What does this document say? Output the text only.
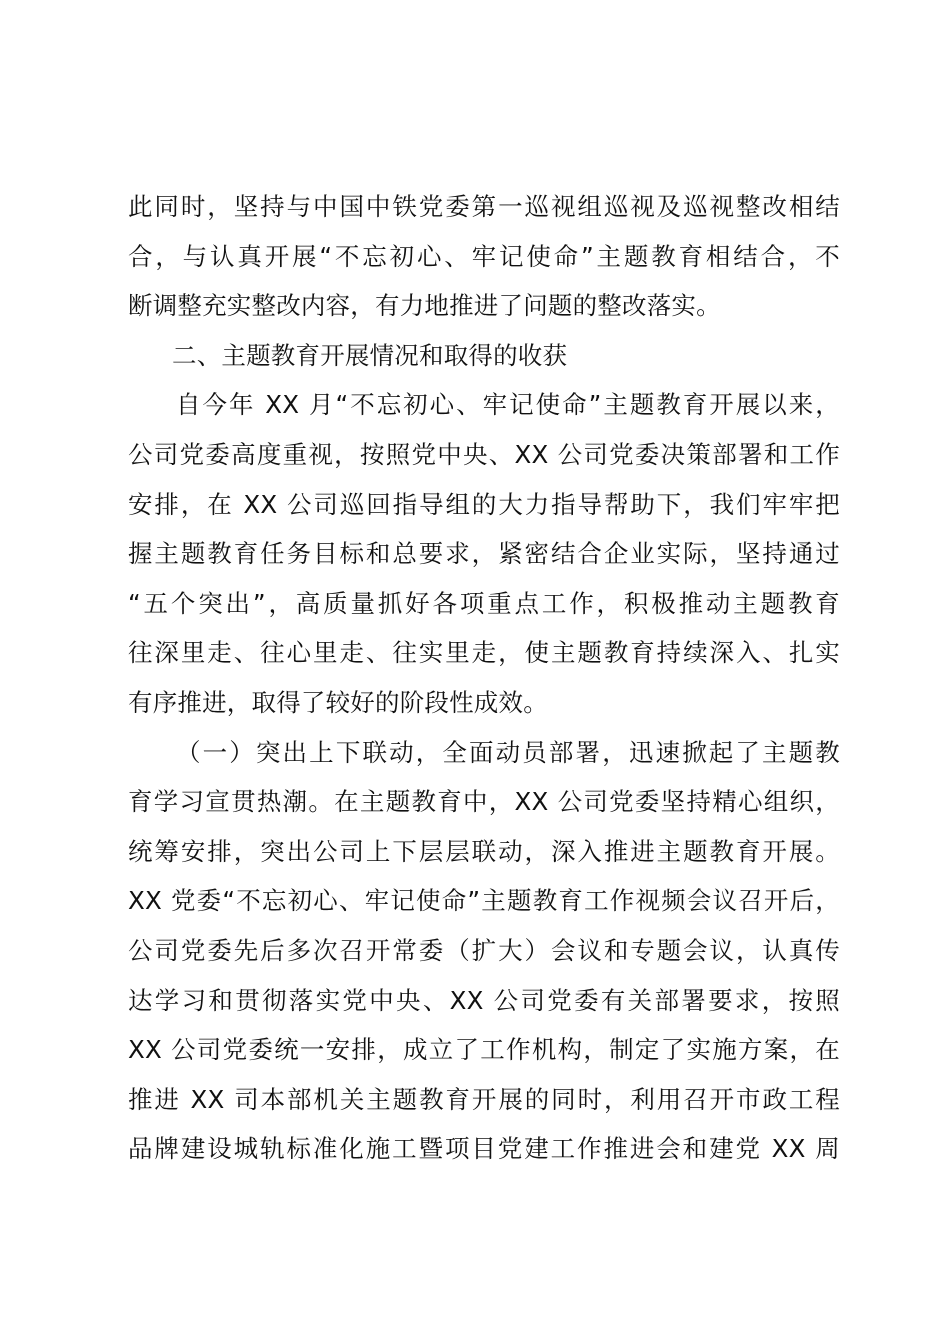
此同时，坚持与中国中铁党委第一巡视组巡视及巡视整改相结
合，与认真开展“不忘初心、牢记使命”主题教育相结合，不
断调整充实整改内容，有力地推进了问题的整改落实。
二、主题教育开展情况和取得的收获
自今年 XX 月“不忘初心、牢记使命”主题教育开展以来，
公司党委高度重视，按照党中央、XX 公司党委决策部署和工作
安排，在 XX 公司巡回指导组的大力指导帮助下，我们牢牢把
握主题教育任务目标和总要求，紧密结合企业实际，坚持通过
“五个突出”，高质量抓好各项重点工作，积极推动主题教育
往深里走、往心里走、往实里走，使主题教育持续深入、扎实
有序推进，取得了较好的阶段性成效。
（一）突出上下联动，全面动员部署，迅速掀起了主题教
育学习宣贯热潮。在主题教育中，XX 公司党委坚持精心组织，
统筹安排，突出公司上下层层联动，深入推进主题教育开展。
XX 党委“不忘初心、牢记使命”主题教育工作视频会议召开后，
公司党委先后多次召开常委（扩大）会议和专题会议，认真传
达学习和贯彻落实党中央、XX 公司党委有关部署要求，按照
XX 公司党委统一安排，成立了工作机构，制定了实施方案，在
推进 XX 司本部机关主题教育开展的同时，利用召开市政工程
品牌建设城轨标准化施工暨项目党建工作推进会和建党 XX 周
